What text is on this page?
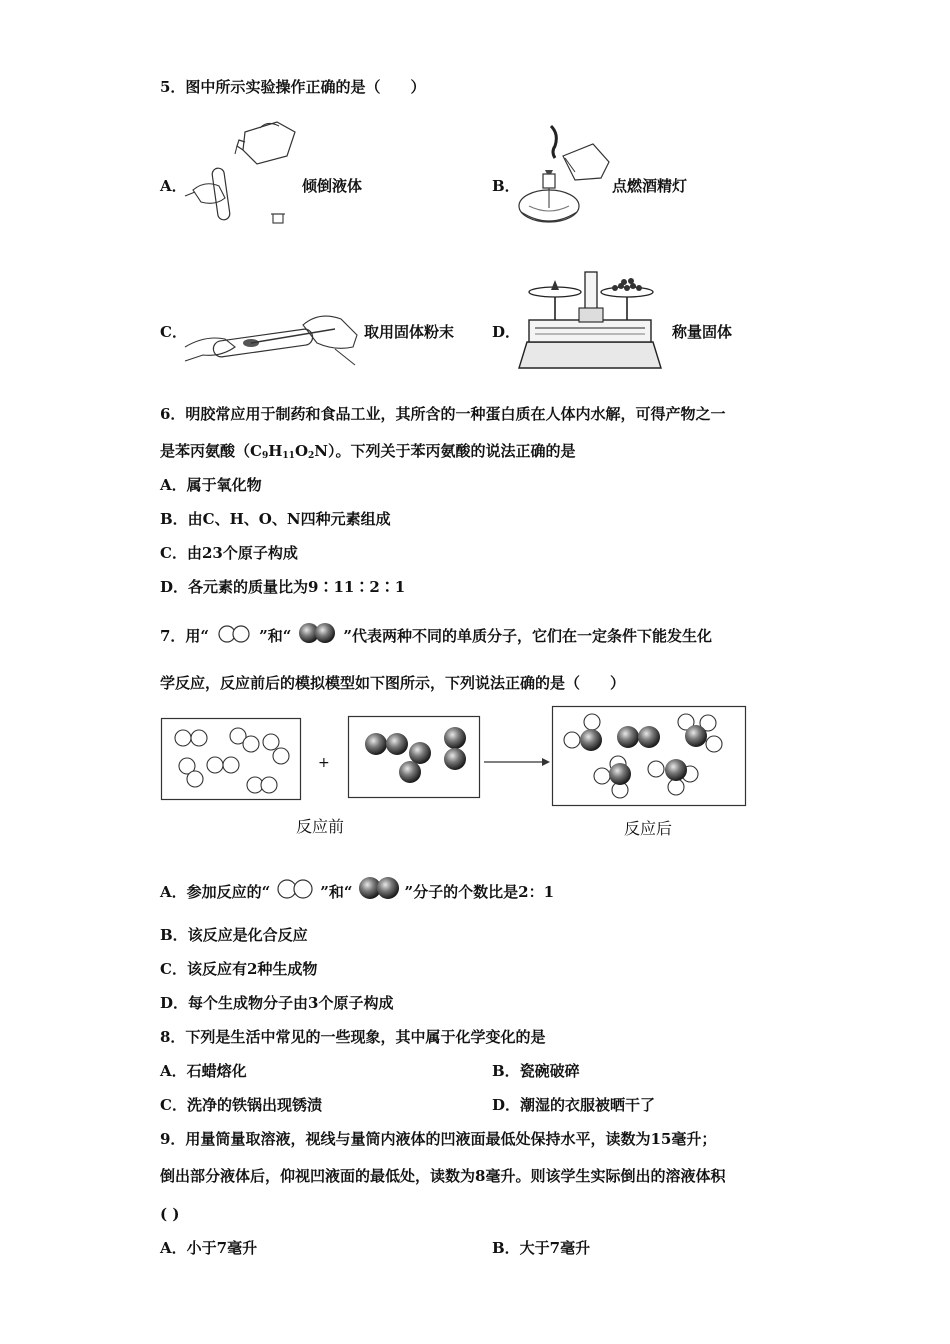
5．图中所示实验操作正确的是（　　）
A．	倾倒液体	B．	点燃酒精灯
C．	取用固体粉末	D．	称量固体
6．明胶常应用于制药和食品工业，其所含的一种蛋白质在人体内水解，可得产物之一
是苯丙氨酸$(C_9H_{11}O_2N)$。下列关于苯丙氨酸的说法正确的是
A．属于氧化物
B．由C、H、O、N四种元素组成
C．由23个原子构成
D．各元素的质量比为9∶11∶2∶1
7．用“	”和“	”代表两种不同的单质分子，它们在一定条件下能发生化
学反应，反应前后的模拟模型如下图所示，下列说法正确的是（　　）
+
反应前	反应后
A．参加反应的“	”和“	”分子的个数比是2：1
B．该反应是化合反应
C．该反应有2种生成物
D．每个生成物分子由3个原子构成
8．下列是生活中常见的一些现象，其中属于化学变化的是
A．石蜡熔化	B．瓷碗破碎
C．洗净的铁锅出现锈渍	D．潮湿的衣服被晒干了
9．用量筒量取溶液，视线与量筒内液体的凹液面最低处保持水平，读数为15毫升；
倒出部分液体后，仰视凹液面的最低处，读数为8毫升。则该学生实际倒出的溶液体积
( )
A．小于7毫升	B．大于7毫升
